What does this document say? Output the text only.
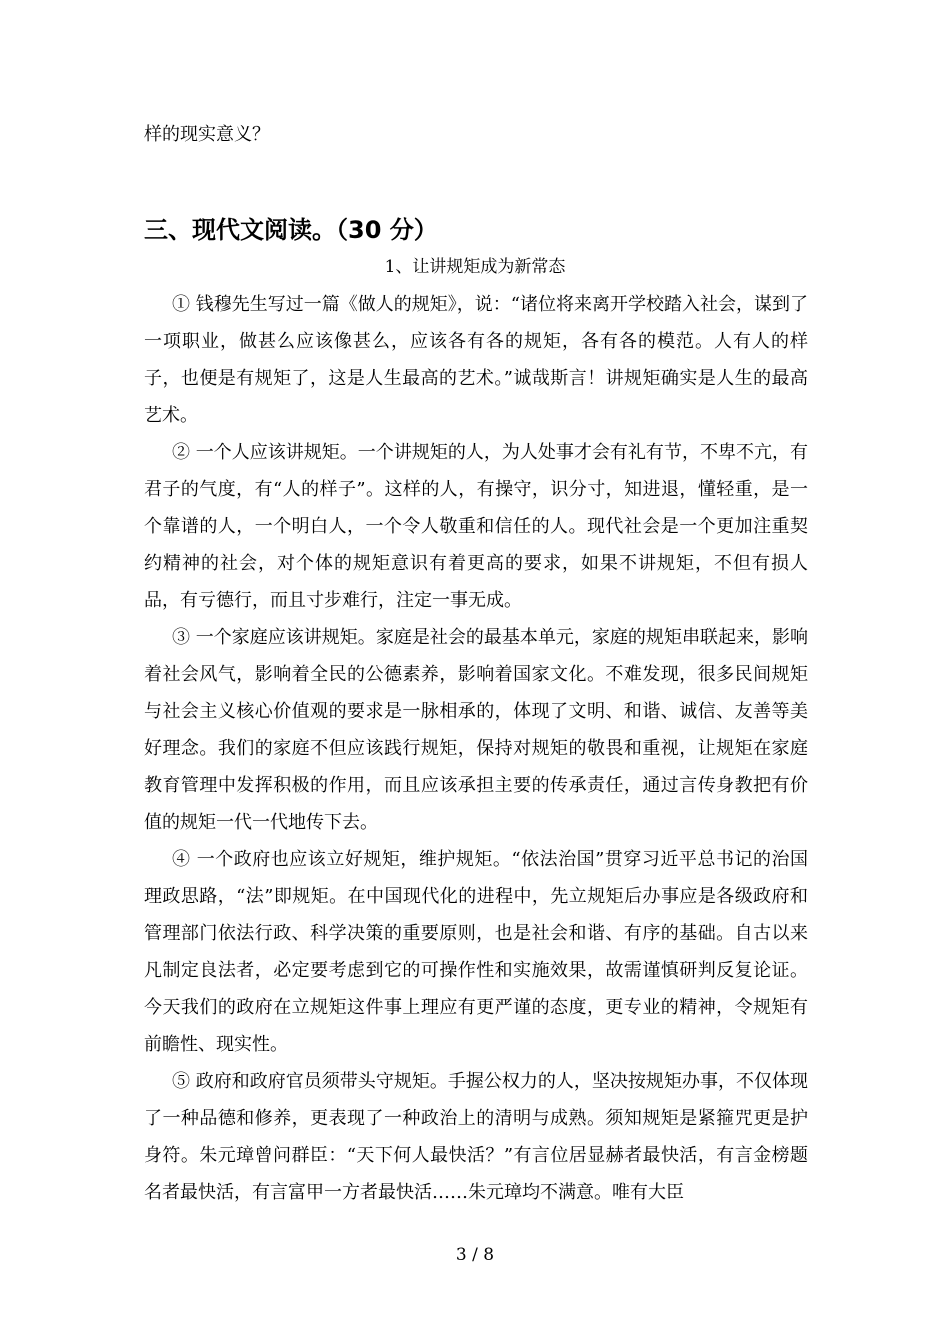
样的现实意义？
三、现代文阅读。（30 分）
1、让讲规矩成为新常态

① 钱穆先生写过一篇《做人的规矩》，说：“诸位将来离开学校踏入社会，谋到了一项职业，做甚么应该像甚么，应该各有各的规矩，各有各的模范。人有人的样子，也便是有规矩了，这是人生最高的艺术。”诚哉斯言！讲规矩确实是人生的最高艺术。

② 一个人应该讲规矩。一个讲规矩的人，为人处事才会有礼有节，不卑不亢，有君子的气度，有“人的样子”。这样的人，有操守，识分寸，知进退，懂轻重，是一个靠谱的人，一个明白人，一个令人敬重和信任的人。现代社会是一个更加注重契约精神的社会，对个体的规矩意识有着更高的要求，如果不讲规矩，不但有损人品，有亏德行，而且寸步难行，注定一事无成。

③ 一个家庭应该讲规矩。家庭是社会的最基本单元，家庭的规矩串联起来，影响着社会风气，影响着全民的公德素养，影响着国家文化。不难发现，很多民间规矩与社会主义核心价值观的要求是一脉相承的，体现了文明、和谐、诚信、友善等美好理念。我们的家庭不但应该践行规矩，保持对规矩的敬畏和重视，让规矩在家庭教育管理中发挥积极的作用，而且应该承担主要的传承责任，通过言传身教把有价值的规矩一代一代地传下去。

④ 一个政府也应该立好规矩，维护规矩。“依法治国”贯穿习近平总书记的治国理政思路，“法”即规矩。在中国现代化的进程中，先立规矩后办事应是各级政府和管理部门依法行政、科学决策的重要原则，也是社会和谐、有序的基础。自古以来凡制定良法者，必定要考虑到它的可操作性和实施效果，故需谨慎研判反复论证。今天我们的政府在立规矩这件事上理应有更严谨的态度，更专业的精神，令规矩有前瞻性、现实性。

⑤ 政府和政府官员须带头守规矩。手握公权力的人，坚决按规矩办事，不仅体现了一种品德和修养，更表现了一种政治上的清明与成熟。须知规矩是紧箍咒更是护身符。朱元璋曾问群臣：“天下何人最快活？”有言位居显赫者最快活，有言金榜题名者最快活，有言富甲一方者最快活……朱元璋均不满意。唯有大臣

3 / 8
